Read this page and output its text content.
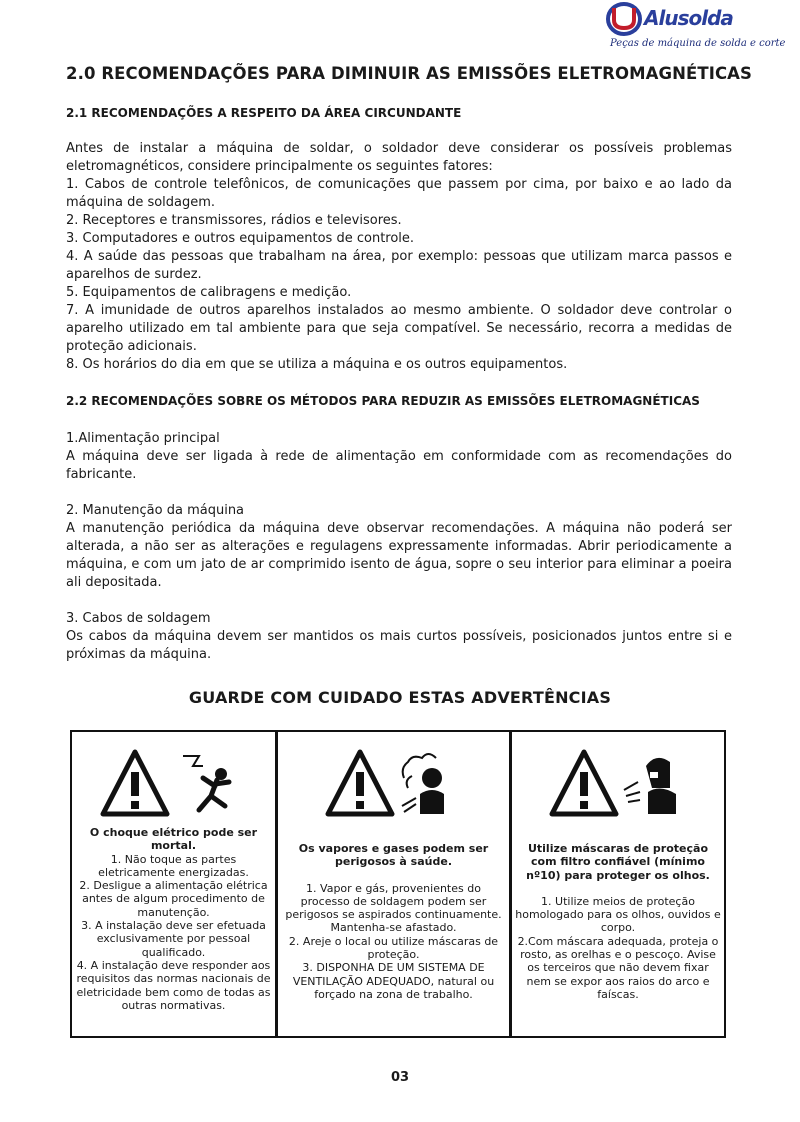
Alusolda
Peças de máquina de solda e corte
2.0 RECOMENDAÇÕES PARA DIMINUIR AS EMISSÕES ELETROMAGNÉTICAS
2.1 RECOMENDAÇÕES A RESPEITO DA ÁREA CIRCUNDANTE

Antes de instalar a máquina de soldar, o soldador deve considerar os possíveis problemas eletromagnéticos, considere principalmente os seguintes fatores:

1. Cabos de controle telefônicos, de comunicações que passem por cima, por baixo e ao lado da máquina de soldagem.

2. Receptores e transmissores, rádios e televisores.

3. Computadores e outros equipamentos de controle.

4. A saúde das pessoas que trabalham na área, por exemplo: pessoas que utilizam marca passos e aparelhos de surdez.

5. Equipamentos de calibragens e medição.

7. A imunidade de outros aparelhos instalados ao mesmo ambiente. O soldador deve controlar o aparelho utilizado em tal ambiente para que seja compatível. Se necessário, recorra a medidas de proteção adicionais.

8. Os horários do dia em que se utiliza a máquina e os outros equipamentos.

2.2 RECOMENDAÇÕES SOBRE OS MÉTODOS PARA REDUZIR AS EMISSÕES ELETROMAGNÉTICAS

1.Alimentação principal

A máquina deve ser ligada à rede de alimentação em conformidade com as recomendações do fabricante.

2. Manutenção da máquina

A manutenção periódica da máquina deve observar recomendações. A máquina não poderá ser alterada, a não ser as alterações e regulagens expressamente informadas. Abrir periodicamente a máquina, e com um jato de ar comprimido isento de água, sopre o seu interior para eliminar a poeira ali depositada.

3. Cabos de soldagem

Os cabos da máquina devem ser mantidos os mais curtos possíveis, posicionados juntos entre si e próximas da máquina.

GUARDE COM CUIDADO ESTAS ADVERTÊNCIAS

O choque elétrico pode ser mortal.

1. Não toque as partes eletricamente energizadas.

2. Desligue a alimentação elétrica antes de algum procedimento de manutenção.

3. A instalação deve ser efetuada exclusivamente por pessoal qualificado.

4. A instalação deve responder aos requisitos das normas nacionais de eletricidade bem como de todas as outras normativas.

Os vapores e gases podem ser perigosos à saúde.

1. Vapor e gás, provenientes do processo de soldagem podem ser perigosos se aspirados continuamente. Mantenha-se afastado.

2. Areje o local ou utilize máscaras de proteção.

3. DISPONHA DE UM SISTEMA DE VENTILAÇÃO ADEQUADO, natural ou forçado na zona de trabalho.

Utilize máscaras de proteção com filtro confiável (mínimo nº10) para proteger os olhos.

1. Utilize meios de proteção homologado para os olhos, ouvidos e corpo.

2.Com máscara adequada, proteja o rosto, as orelhas e o pescoço. Avise os terceiros que não devem fixar nem se expor aos raios do arco e faíscas.

03
